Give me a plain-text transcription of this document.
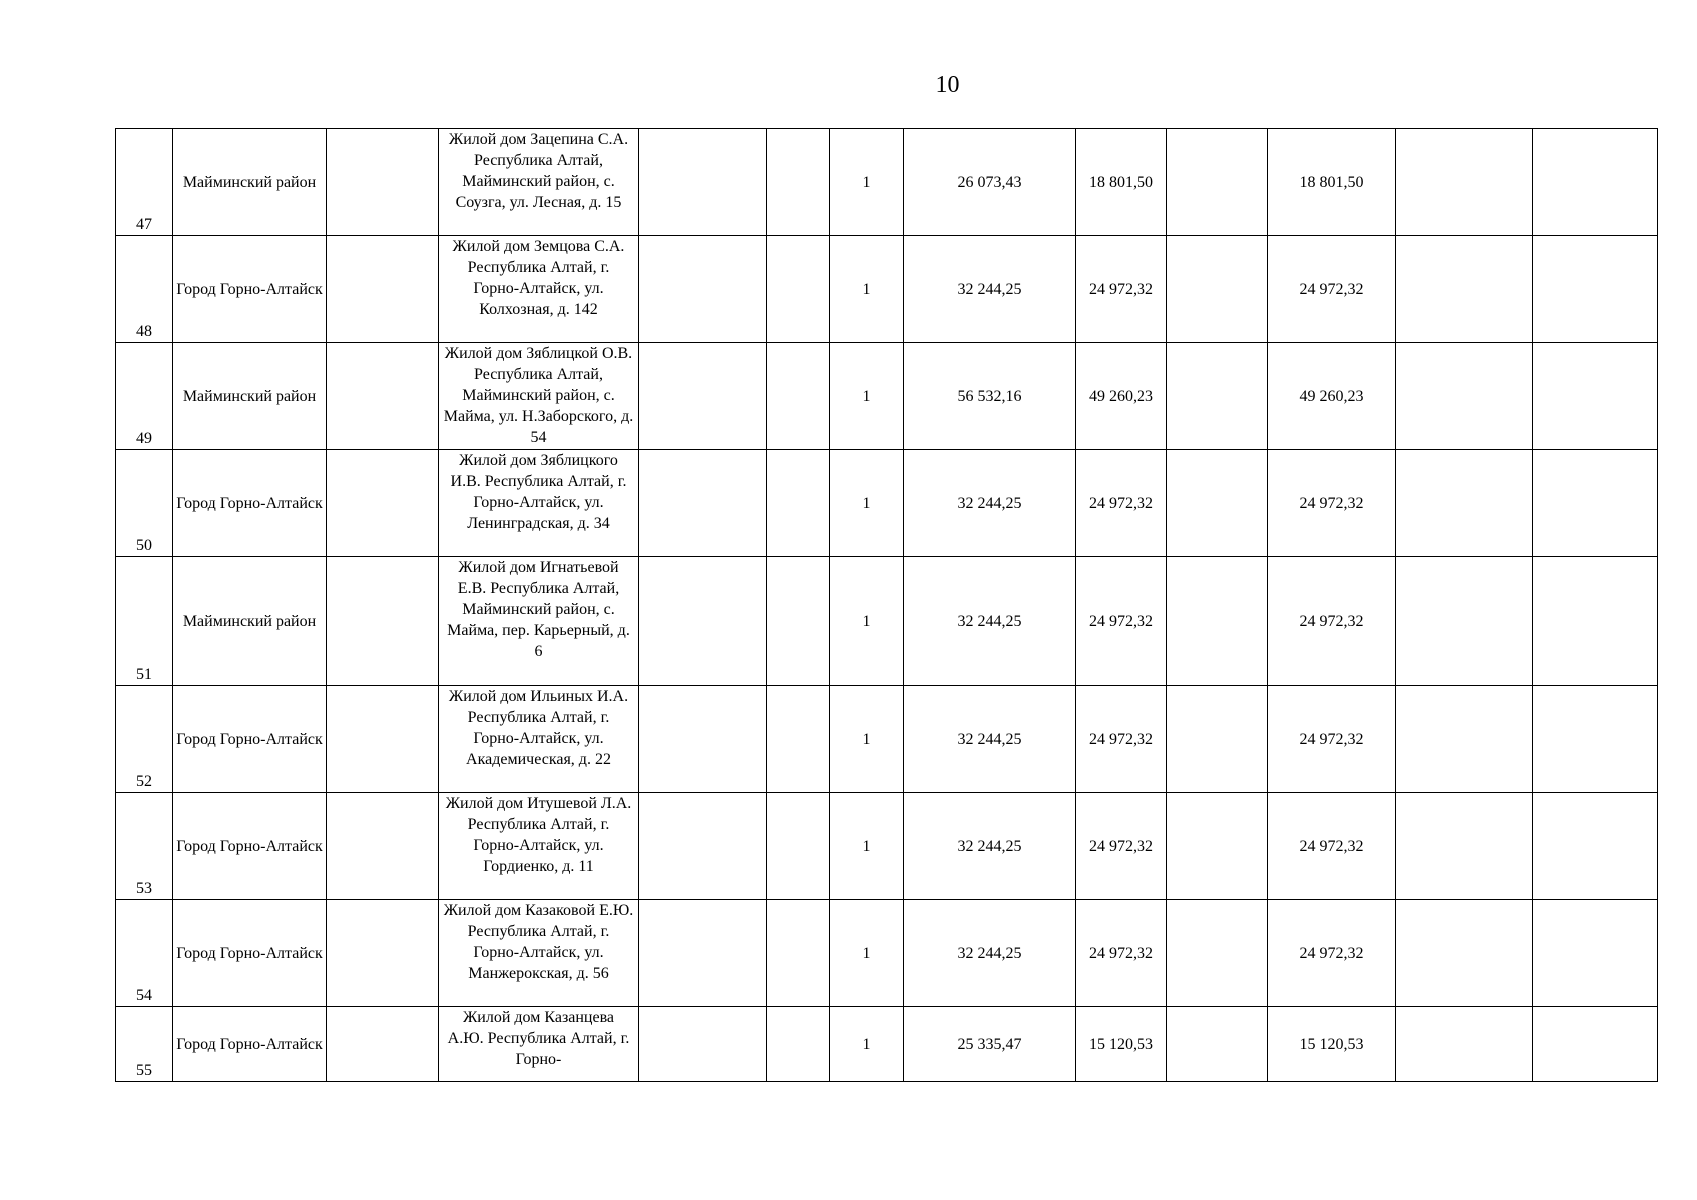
10
47	Майминский район		Жилой дом Зацепина С.А. Республика Алтай, Майминский район, с. Соузга, ул. Лесная, д. 15			1	26 073,43	18 801,50		18 801,50		
48	Город Горно-Алтайск		Жилой дом Земцова С.А. Республика Алтай, г. Горно-Алтайск, ул. Колхозная, д. 142			1	32 244,25	24 972,32		24 972,32		
49	Майминский район		Жилой дом Зяблицкой О.В. Республика Алтай, Майминский район, с. Майма, ул. Н.Заборского, д. 54			1	56 532,16	49 260,23		49 260,23		
50	Город Горно-Алтайск		Жилой дом Зяблицкого И.В. Республика Алтай, г. Горно-Алтайск, ул. Ленинградская, д. 34			1	32 244,25	24 972,32		24 972,32		
51	Майминский район		Жилой дом Игнатьевой Е.В. Республика Алтай, Майминский район, с. Майма, пер. Карьерный, д. 6			1	32 244,25	24 972,32		24 972,32		
52	Город Горно-Алтайск		Жилой дом Ильиных И.А. Республика Алтай, г. Горно-Алтайск, ул. Академическая, д. 22			1	32 244,25	24 972,32		24 972,32		
53	Город Горно-Алтайск		Жилой дом Итушевой Л.А. Республика Алтай, г. Горно-Алтайск, ул. Гордиенко, д. 11			1	32 244,25	24 972,32		24 972,32		
54	Город Горно-Алтайск		Жилой дом Казаковой Е.Ю. Республика Алтай, г. Горно-Алтайск, ул. Манжерокская, д. 56			1	32 244,25	24 972,32		24 972,32		
55	Город Горно-Алтайск		Жилой дом Казанцева А.Ю. Республика Алтай, г. Горно-			1	25 335,47	15 120,53		15 120,53		
